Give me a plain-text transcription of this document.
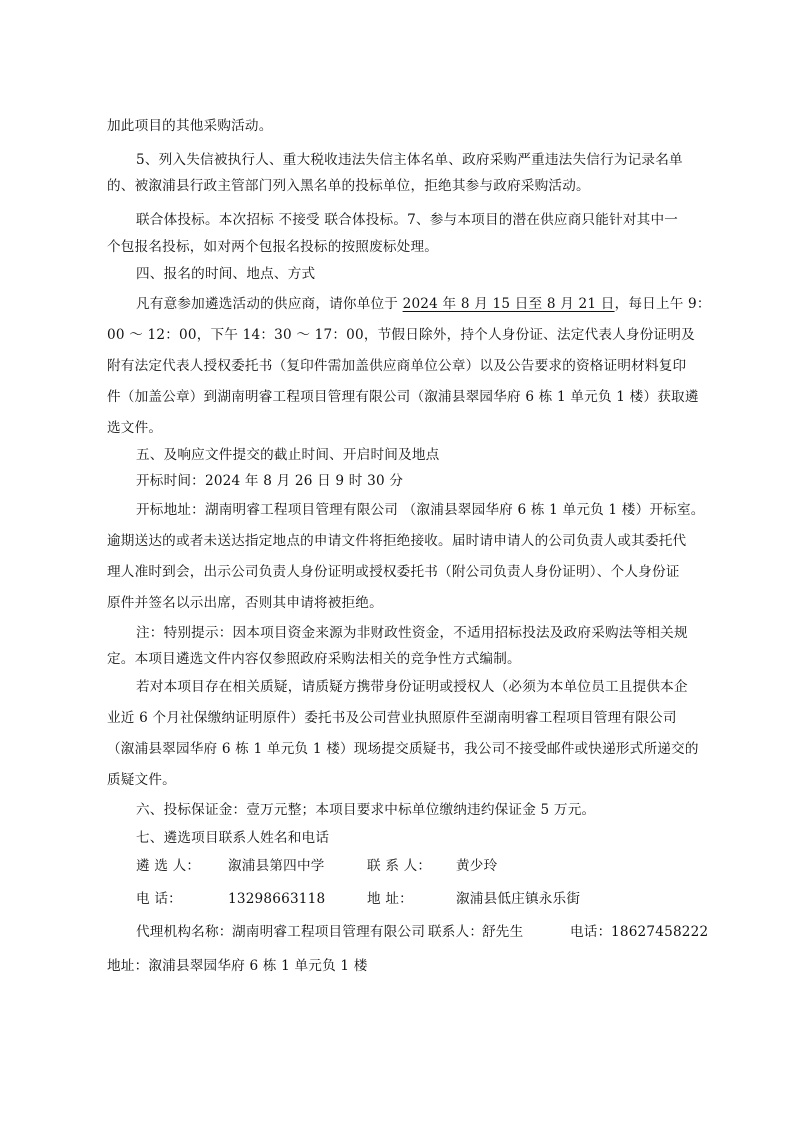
加此项目的其他采购活动。
5、列入失信被执行人、重大税收违法失信主体名单、政府采购严重违法失信行为记录名单
的、被溆浦县行政主管部门列入黑名单的投标单位，拒绝其参与政府采购活动。
联合体投标。本次招标 不接受 联合体投标。7、参与本项目的潜在供应商只能针对其中一
个包报名投标，如对两个包报名投标的按照废标处理。
四、报名的时间、地点、方式
凡有意参加遴选活动的供应商，请你单位于 2024 年 8 月 15 日至 8 月 21 日，每日上午 9：
00 ～ 12：00，下午 14：30 ～ 17：00，节假日除外，持个人身份证、法定代表人身份证明及
附有法定代表人授权委托书（复印件需加盖供应商单位公章）以及公告要求的资格证明材料复印
件（加盖公章）到湖南明睿工程项目管理有限公司（溆浦县翠园华府 6 栋 1 单元负 1 楼）获取遴
选文件。
五、及响应文件提交的截止时间、开启时间及地点
开标时间：2024 年 8 月 26 日 9 时 30 分
开标地址：湖南明睿工程项目管理有限公司 （溆浦县翠园华府 6 栋 1 单元负 1 楼）开标室。
逾期送达的或者未送达指定地点的申请文件将拒绝接收。届时请申请人的公司负责人或其委托代
理人准时到会，出示公司负责人身份证明或授权委托书（附公司负责人身份证明）、个人身份证
原件并签名以示出席，否则其申请将被拒绝。
注：特别提示：因本项目资金来源为非财政性资金，不适用招标投法及政府采购法等相关规
定。本项目遴选文件内容仅参照政府采购法相关的竞争性方式编制。
若对本项目存在相关质疑，请质疑方携带身份证明或授权人（必须为本单位员工且提供本企
业近 6 个月社保缴纳证明原件）委托书及公司营业执照原件至湖南明睿工程项目管理有限公司
（溆浦县翠园华府 6 栋 1 单元负 1 楼）现场提交质疑书，我公司不接受邮件或快递形式所递交的
质疑文件。
六、投标保证金：壹万元整；本项目要求中标单位缴纳违约保证金 5 万元。
七、遴选项目联系人姓名和电话
遴 选 人： 溆浦县第四中学	联 系 人： 黄少玲
电 话：	13298663118	地 址：	溆浦县低庄镇永乐街
代理机构名称： 湖南明睿工程项目管理有限公司 联系人：
舒先生	电话： 18627458222
地址：溆浦县翠园华府 6 栋 1 单元负 1 楼
